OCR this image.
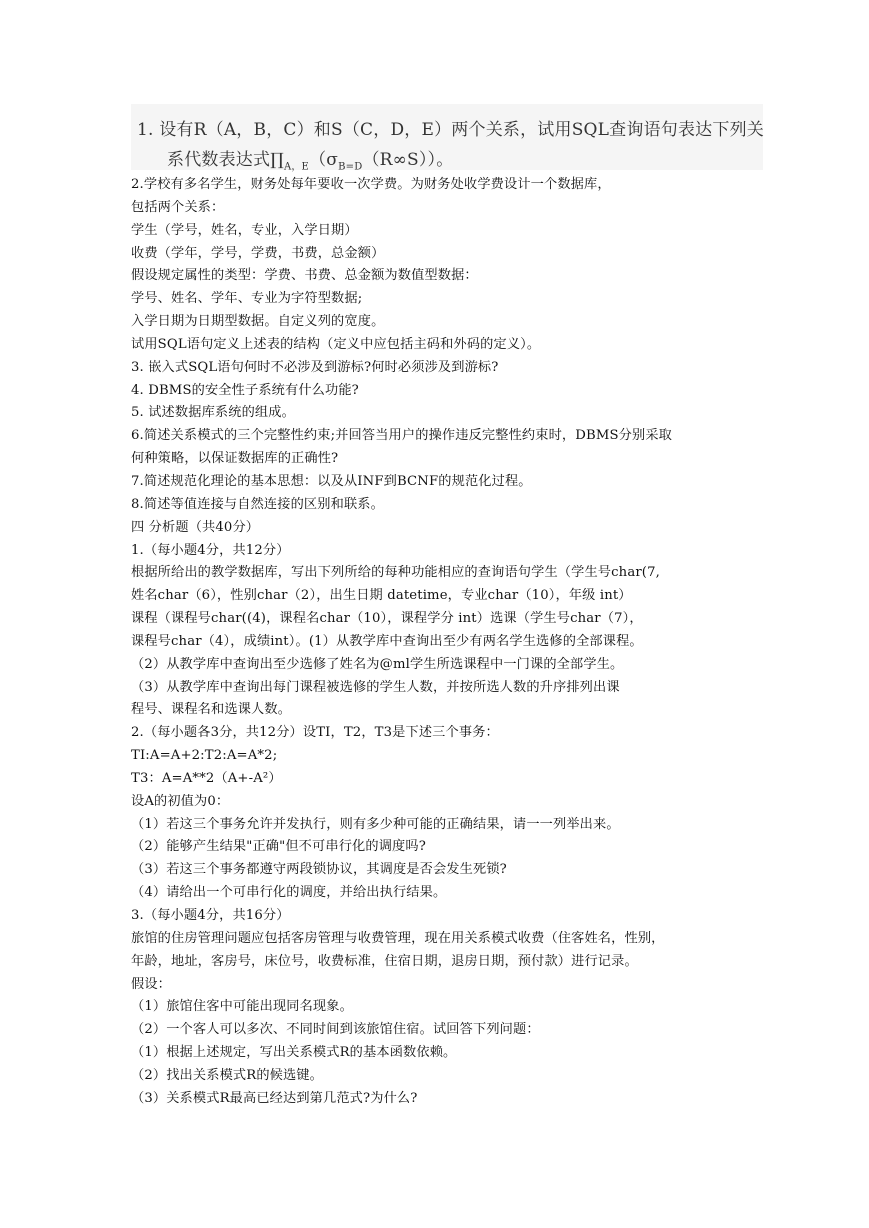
1. 设有R（A，B，C）和S（C，D，E）两个关系，试用SQL查询语句表达下列关
系代数表达式$\prod_{A,E}(\sigma_{B=D}(R\infty S))$。
2.学校有多名学生，财务处每年要收一次学费。为财务处收学费设计一个数据库，
包括两个关系：
学生（学号，姓名，专业，入学日期）
收费（学年，学号，学费，书费，总金额）
假设规定属性的类型：学费、书费、总金额为数值型数据：
学号、姓名、学年、专业为字符型数据;
入学日期为日期型数据。自定义列的宽度。
试用SQL语句定义上述表的结构（定义中应包括主码和外码的定义）。
3. 嵌入式SQL语句何时不必涉及到游标?何时必须涉及到游标?
4. DBMS的安全性子系统有什么功能?
5. 试述数据库系统的组成。
6.简述关系模式的三个完整性约束;并回答当用户的操作违反完整性约束时，DBMS分别采取
何种策略，以保证数据库的正确性?
7.简述规范化理论的基本思想：以及从INF到BCNF的规范化过程。
8.简述等值连接与自然连接的区别和联系。
四 分析题（共40分）
1.（每小题4分，共12分）
根据所给出的教学数据库，写出下列所给的每种功能相应的查询语句学生（学生号char(7,
姓名char（6），性别char（2），出生日期 datetime，专业char（10），年级 int）
课程（课程号char((4)，课程名char（10），课程学分 int）选课（学生号char（7），
课程号char（4），成绩int）。(1）从教学库中查询出至少有两名学生选修的全部课程。
（2）从教学库中查询出至少选修了姓名为@ml学生所选课程中一门课的全部学生。
（3）从教学库中查询出每门课程被选修的学生人数，并按所选人数的升序排列出课
程号、课程名和选课人数。
2.（每小题各3分，共12分）设TI，T2，T3是下述三个事务：
TI:A=A+2:T2:A=A*2;
T3：A=A**2（A+-A²）
设A的初值为0：
（1）若这三个事务允许并发执行，则有多少种可能的正确结果，请一一列举出来。
（2）能够产生结果"正确"但不可串行化的调度吗?
（3）若这三个事务都遵守两段锁协议，其调度是否会发生死锁?
（4）请给出一个可串行化的调度，并给出执行结果。
3.（每小题4分，共16分）
旅馆的住房管理问题应包括客房管理与收费管理，现在用关系模式收费（住客姓名，性别，
年龄，地址，客房号，床位号，收费标准，住宿日期，退房日期，预付款）进行记录。
假设：
（1）旅馆住客中可能出现同名现象。
（2）一个客人可以多次、不同时间到该旅馆住宿。试回答下列问题：
（1）根据上述规定，写出关系模式R的基本函数依赖。
（2）找出关系模式R的候选键。
（3）关系模式R最高已经达到第几范式?为什么?
